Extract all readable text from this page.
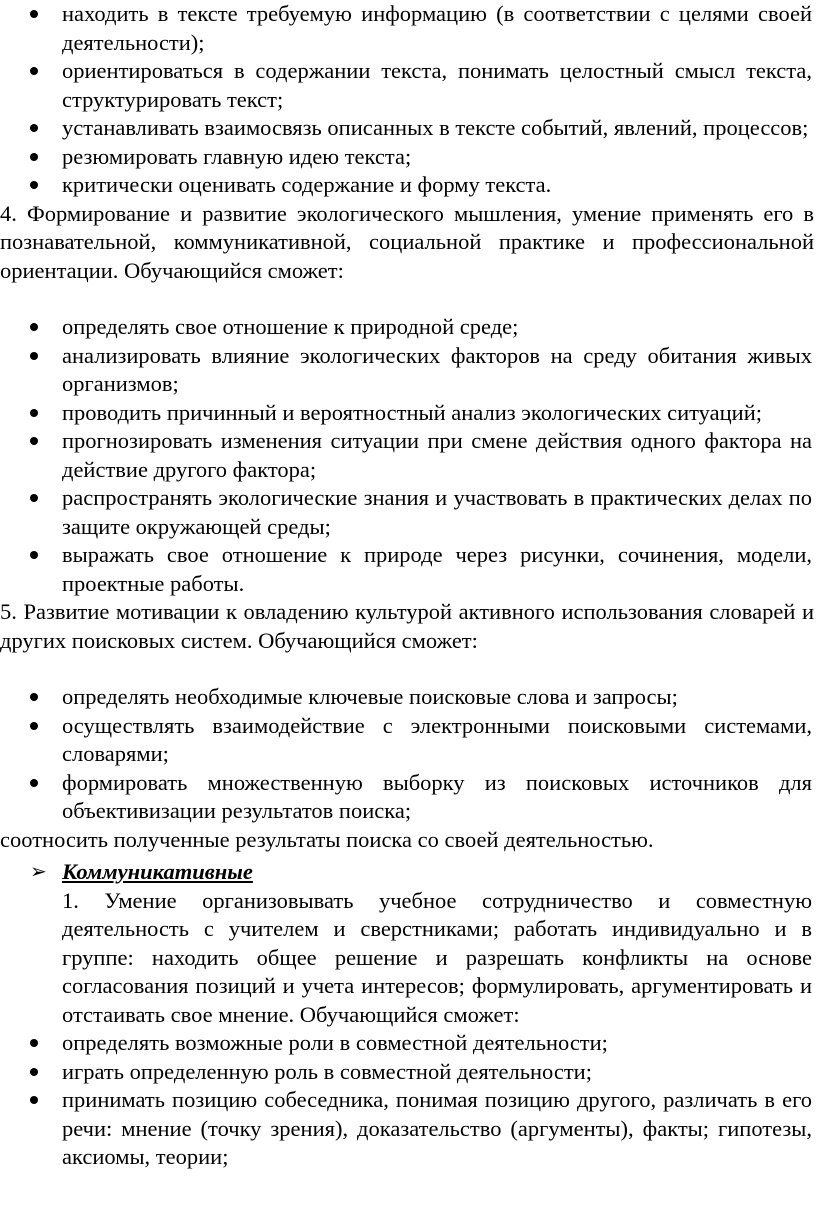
находить в тексте требуемую информацию (в соответствии с целями своей деятельности);
ориентироваться в содержании текста, понимать целостный смысл текста, структурировать текст;
устанавливать взаимосвязь описанных в тексте событий, явлений, процессов;
резюмировать главную идею текста;
критически оценивать содержание и форму текста.

4. Формирование и развитие экологического мышления, умение применять его в познавательной, коммуникативной, социальной практике и профессиональной ориентации. Обучающийся сможет:

определять свое отношение к природной среде;
анализировать влияние экологических факторов на среду обитания живых организмов;
проводить причинный и вероятностный анализ экологических ситуаций;
прогнозировать изменения ситуации при смене действия одного фактора на действие другого фактора;
распространять экологические знания и участвовать в практических делах по защите окружающей среды;
выражать свое отношение к природе через рисунки, сочинения, модели, проектные работы.

5. Развитие мотивации к овладению культурой активного использования словарей и других поисковых систем. Обучающийся сможет:

определять необходимые ключевые поисковые слова и запросы;
осуществлять взаимодействие с электронными поисковыми системами, словарями;
формировать множественную выборку из поисковых источников для объективизации результатов поиска;

соотносить полученные результаты поиска со своей деятельностью.

➢ Коммуникативные
1. Умение организовывать учебное сотрудничество и совместную деятельность с учителем и сверстниками; работать индивидуально и в группе: находить общее решение и разрешать конфликты на основе согласования позиций и учета интересов; формулировать, аргументировать и отстаивать свое мнение. Обучающийся сможет:
определять возможные роли в совместной деятельности;
играть определенную роль в совместной деятельности;
принимать позицию собеседника, понимая позицию другого, различать в его речи: мнение (точку зрения), доказательство (аргументы), факты; гипотезы, аксиомы, теории;
